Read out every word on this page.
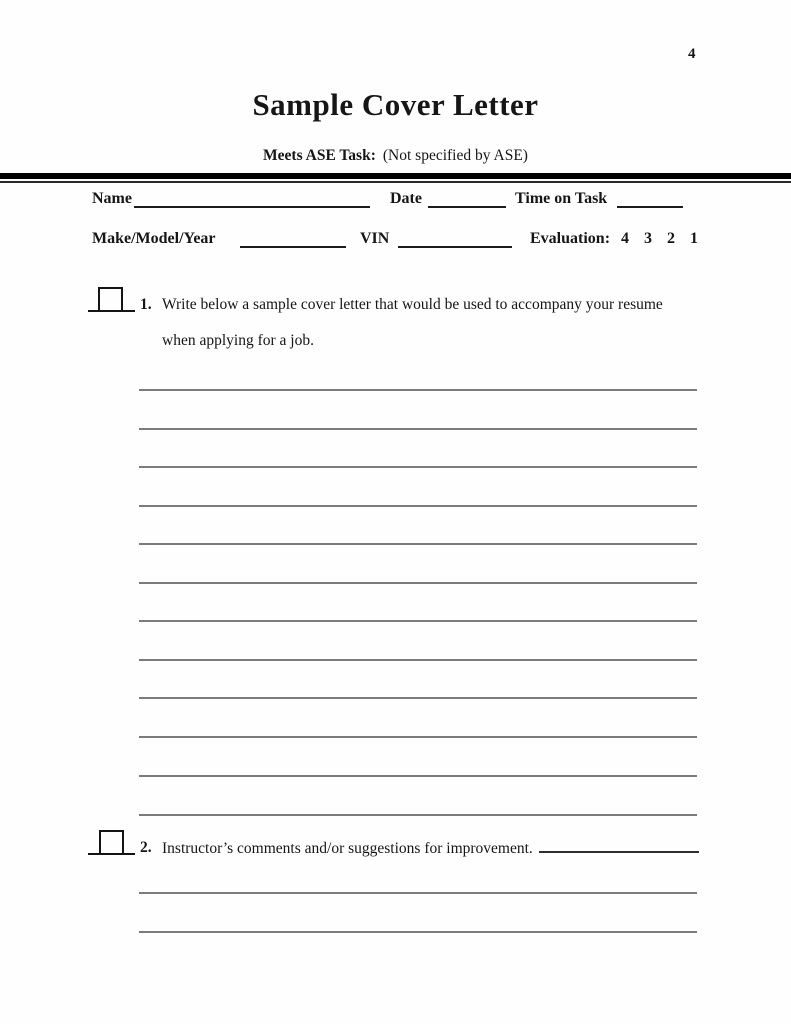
4
Sample Cover Letter
Meets ASE Task: (Not specified by ASE)
Name	Date	Time on Task
Make/Model/Year	VIN	Evaluation: 4 3 2 1
1. Write below a sample cover letter that would be used to accompany your resume
when applying for a job.
2. Instructor’s comments and/or suggestions for improvement.
